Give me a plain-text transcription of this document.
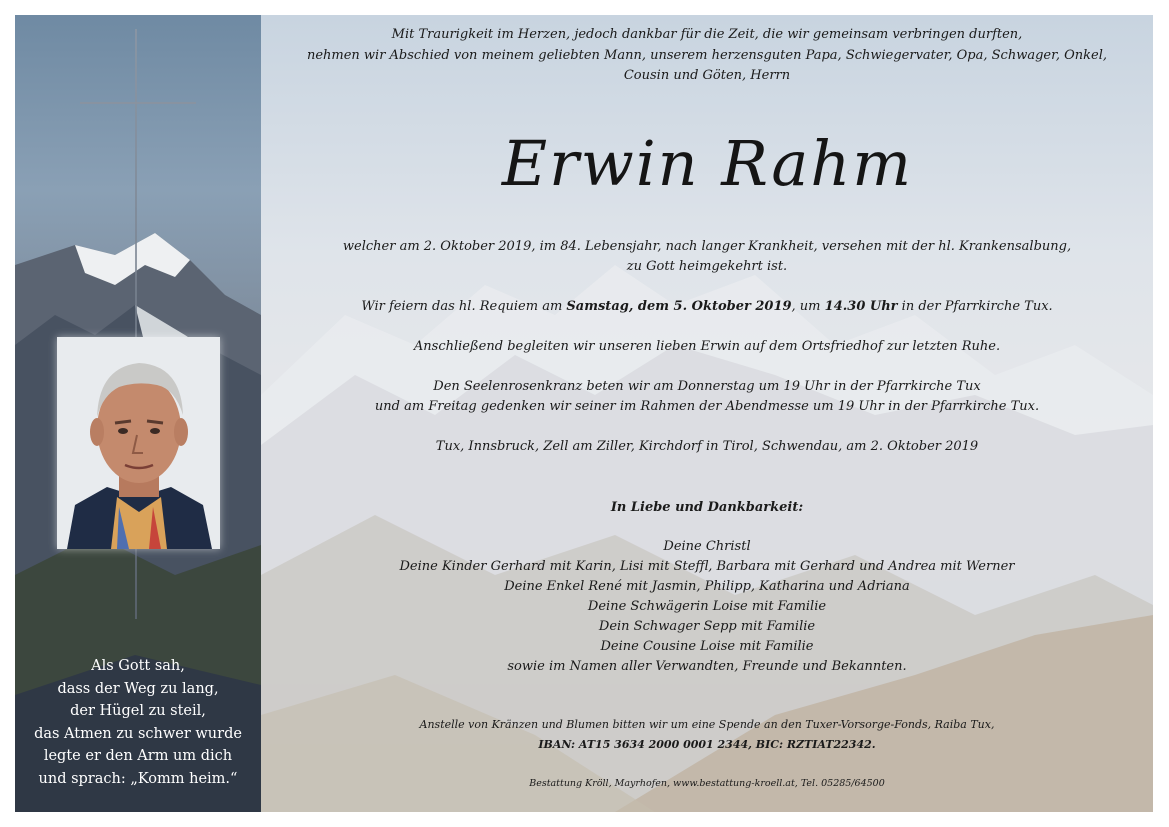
Als Gott sah,
dass der Weg zu lang,
der Hügel zu steil,
das Atmen zu schwer wurde
legte er den Arm um dich
und sprach: „Komm heim.“
Mit Traurigkeit im Herzen, jedoch dankbar für die Zeit, die wir gemeinsam verbringen durften,
nehmen wir Abschied von meinem geliebten Mann, unserem herzensguten Papa, Schwiegervater, Opa, Schwager, Onkel,
Cousin und Göten, Herrn
Erwin Rahm
welcher am 2. Oktober 2019, im 84. Lebensjahr, nach langer Krankheit, versehen mit der hl. Krankensalbung,
zu Gott heimgekehrt ist.
Wir feiern das hl. Requiem am Samstag, dem 5. Oktober 2019, um 14.30 Uhr in der Pfarrkirche Tux.
Anschließend begleiten wir unseren lieben Erwin auf dem Ortsfriedhof zur letzten Ruhe.
Den Seelenrosenkranz beten wir am Donnerstag um 19 Uhr in der Pfarrkirche Tux
und am Freitag gedenken wir seiner im Rahmen der Abendmesse um 19 Uhr in der Pfarrkirche Tux.
Tux, Innsbruck, Zell am Ziller, Kirchdorf in Tirol, Schwendau, am 2. Oktober 2019
In Liebe und Dankbarkeit:
Deine Christl
Deine Kinder Gerhard mit Karin, Lisi mit Steffl, Barbara mit Gerhard und Andrea mit Werner
Deine Enkel René mit Jasmin, Philipp, Katharina und Adriana
Deine Schwägerin Loise mit Familie
Dein Schwager Sepp mit Familie
Deine Cousine Loise mit Familie
sowie im Namen aller Verwandten, Freunde und Bekannten.
Anstelle von Kränzen und Blumen bitten wir um eine Spende an den Tuxer-Vorsorge-Fonds, Raiba Tux,
IBAN: AT15 3634 2000 0001 2344, BIC: RZTIAT22342.
Bestattung Kröll, Mayrhofen, www.bestattung-kroell.at, Tel. 05285/64500
